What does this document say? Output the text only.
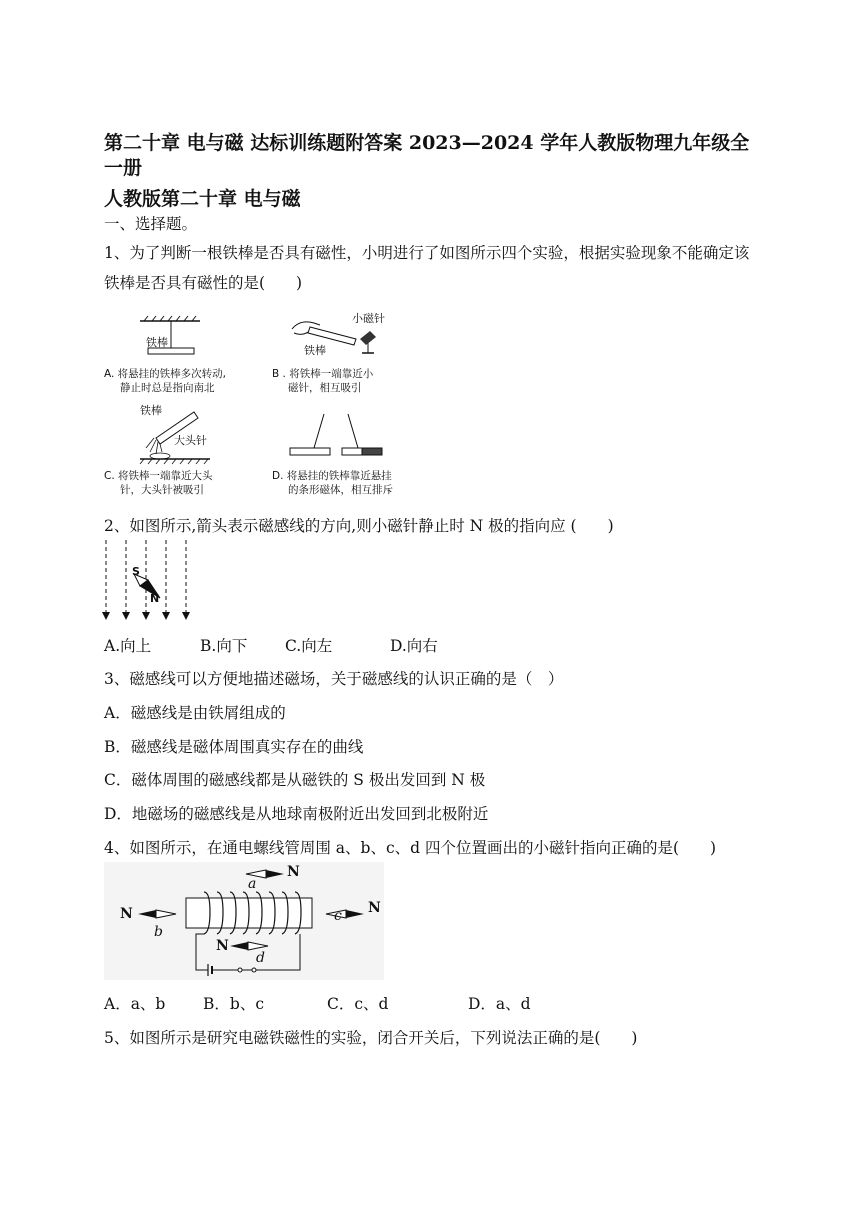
第二十章 电与磁 达标训练题附答案 2023—2024 学年人教版物理九年级全一册
人教版第二十章 电与磁
一、选择题。
1、为了判断一根铁棒是否具有磁性，小明进行了如图所示四个实验，根据实验现象不能确定该铁棒是否具有磁性的是(　　)
铁棒
A. 将悬挂的铁棒多次转动,
静止时总是指向南北
小磁针
铁棒
B . 将铁棒一端靠近小
磁针，相互吸引
铁棒
大头针
C. 将铁棒一端靠近大头
针，大头针被吸引
D. 将悬挂的铁棒靠近悬挂
的条形磁体，相互排斥
2、如图所示,箭头表示磁感线的方向,则小磁针静止时 N 极的指向应 (　　)
S
N
A.向上	B.向下 C.向左	D.向右
3、磁感线可以方便地描述磁场，关于磁感线的认识正确的是（　）
A．磁感线是由铁屑组成的
B．磁感线是磁体周围真实存在的曲线
C．磁体周围的磁感线都是从磁铁的 S 极出发回到 N 极
D．地磁场的磁感线是从地球南极附近出发回到北极附近
4、如图所示，在通电螺线管周围 a、b、c、d 四个位置画出的小磁针指向正确的是(　　)
a
N
N
b
c N
N
d
A．a、b B．b、c	C．c、d	D．a、d
5、如图所示是研究电磁铁磁性的实验，闭合开关后，下列说法正确的是(　　)
